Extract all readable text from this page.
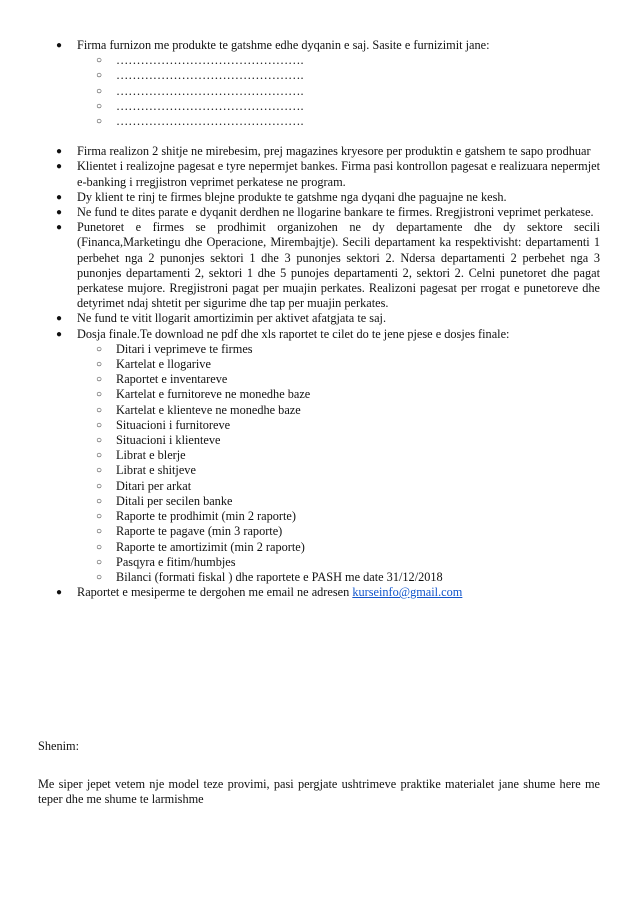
● Firma furnizon me produkte te gatshme edhe dyqanin e saj. Sasite e furnizimit jane:
○ ……………………………………….
○ ……………………………………….
○ ……………………………………….
○ ……………………………………….
○ ……………………………………….
● Firma realizon 2 shitje ne mirebesim, prej magazines kryesore per produktin e gatshem te sapo prodhuar
● Klientet i realizojne pagesat e tyre nepermjet bankes. Firma pasi kontrollon pagesat e realizuara nepermjet e-banking i rregjistron veprimet perkatese ne program.
● Dy klient te rinj te firmes blejne produkte te gatshme nga dyqani dhe paguajne ne kesh.
● Ne fund te dites parate e dyqanit derdhen ne llogarine bankare te firmes. Rregjistroni veprimet perkatese.
● Punetoret e firmes se prodhimit organizohen ne dy departamente dhe dy sektore secili (Financa,Marketingu dhe Operacione, Mirembajtje). Secili departament ka respektivisht: departamenti 1 perbehet nga 2 punonjes sektori 1 dhe 3 punonjes sektori 2. Ndersa departamenti 2 perbehet nga 3 punonjes departamenti 2, sektori 1 dhe 5 punojes departamenti 2, sektori 2. Celni punetoret dhe pagat perkatese mujore. Rregjistroni pagat per muajin perkates. Realizoni pagesat per rrogat e punetoreve dhe detyrimet ndaj shtetit per sigurime dhe tap per muajin perkates.
● Ne fund te vitit llogarit amortizimin per aktivet afatgjata te saj.
● Dosja finale.Te download ne pdf dhe xls raportet te cilet do te jene pjese e dosjes finale:
○ Ditari i veprimeve te firmes
○ Kartelat e llogarive
○ Raportet e inventareve
○ Kartelat e furnitoreve ne monedhe baze
○ Kartelat e klienteve ne monedhe baze
○ Situacioni i furnitoreve
○ Situacioni i klienteve
○ Librat e blerje
○ Librat e shitjeve
○ Ditari per arkat
○ Ditali per secilen banke
○ Raporte te prodhimit (min 2 raporte)
○ Raporte te pagave (min 3 raporte)
○ Raporte te amortizimit (min 2 raporte)
○ Pasqyra e fitim/humbjes
○ Bilanci (formati fiskal ) dhe raportete e PASH me date 31/12/2018
● Raportet e mesiperme te dergohen me email ne adresen kurseinfo@gmail.com
Shenim:
Me siper jepet vetem nje model teze provimi, pasi pergjate ushtrimeve praktike materialet jane shume here me teper dhe me shume te larmishme
